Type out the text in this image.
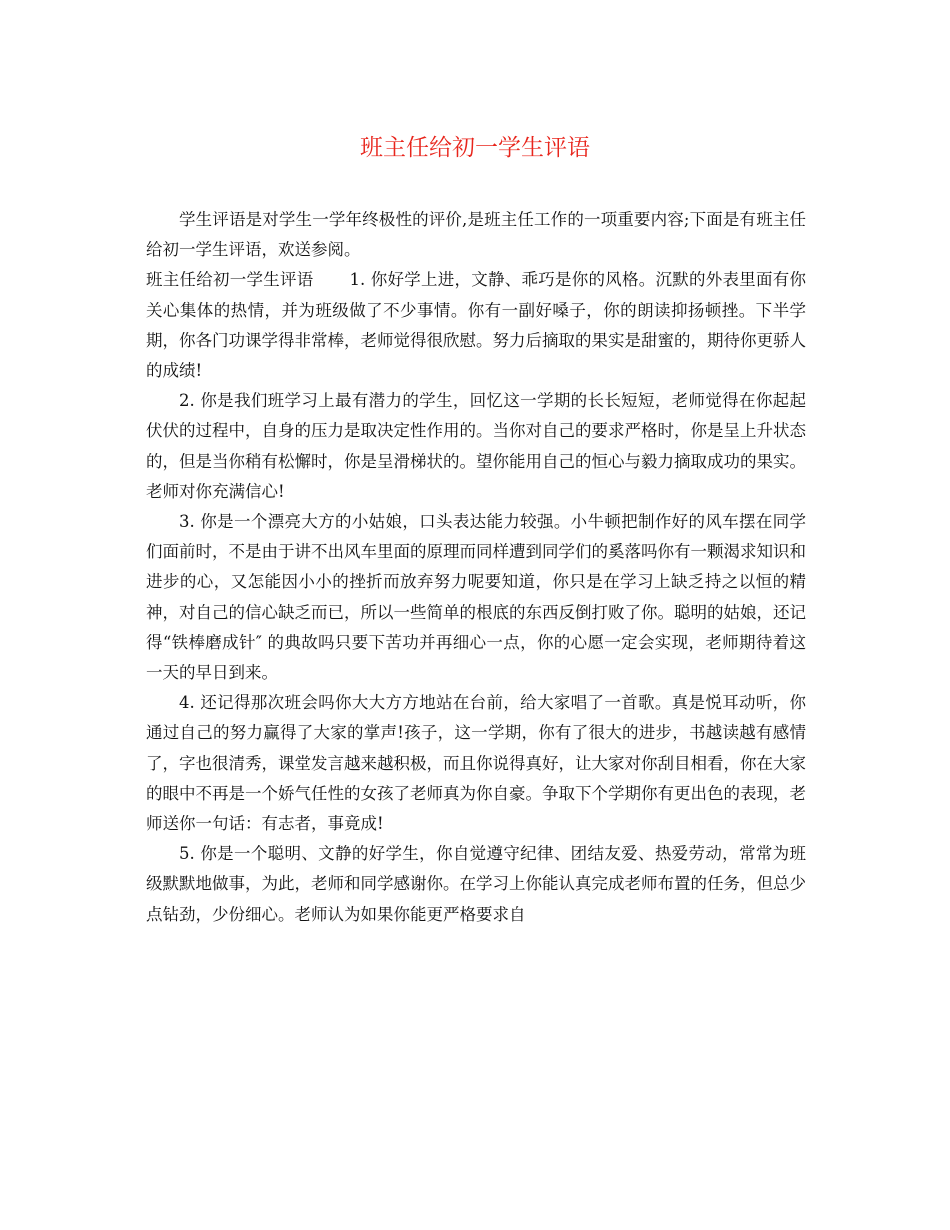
班主任给初一学生评语

学生评语是对学生一学年终极性的评价,是班主任工作的一项重要内容;下面是有班主任给初一学生评语，欢送参阅。

班主任给初一学生评语 1. 你好学上进，文静、乖巧是你的风格。沉默的外表里面有你关心集体的热情，并为班级做了不少事情。你有一副好嗓子，你的朗读抑扬顿挫。下半学期，你各门功课学得非常棒，老师觉得很欣慰。努力后摘取的果实是甜蜜的，期待你更骄人的成绩!

2. 你是我们班学习上最有潜力的学生，回忆这一学期的长长短短，老师觉得在你起起伏伏的过程中，自身的压力是取决定性作用的。当你对自己的要求严格时，你是呈上升状态的，但是当你稍有松懈时，你是呈滑梯状的。望你能用自己的恒心与毅力摘取成功的果实。老师对你充满信心!

3. 你是一个漂亮大方的小姑娘，口头表达能力较强。小牛顿把制作好的风车摆在同学们面前时，不是由于讲不出风车里面的原理而同样遭到同学们的奚落吗你有一颗渴求知识和进步的心，又怎能因小小的挫折而放弃努力呢要知道，你只是在学习上缺乏持之以恒的精神，对自己的信心缺乏而已，所以一些简单的根底的东西反倒打败了你。聪明的姑娘，还记得“铁棒磨成针″ 的典故吗只要下苦功并再细心一点，你的心愿一定会实现，老师期待着这一天的早日到来。

4. 还记得那次班会吗你大大方方地站在台前，给大家唱了一首歌。真是悦耳动听，你通过自己的努力赢得了大家的掌声!孩子，这一学期，你有了很大的进步，书越读越有感情了，字也很清秀，课堂发言越来越积极，而且你说得真好，让大家对你刮目相看，你在大家的眼中不再是一个娇气任性的女孩了老师真为你自豪。争取下个学期你有更出色的表现，老师送你一句话：有志者，事竟成!

5. 你是一个聪明、文静的好学生，你自觉遵守纪律、团结友爱、热爱劳动，常常为班级默默地做事，为此，老师和同学感谢你。在学习上你能认真完成老师布置的任务，但总少点钻劲，少份细心。老师认为如果你能更严格要求自
